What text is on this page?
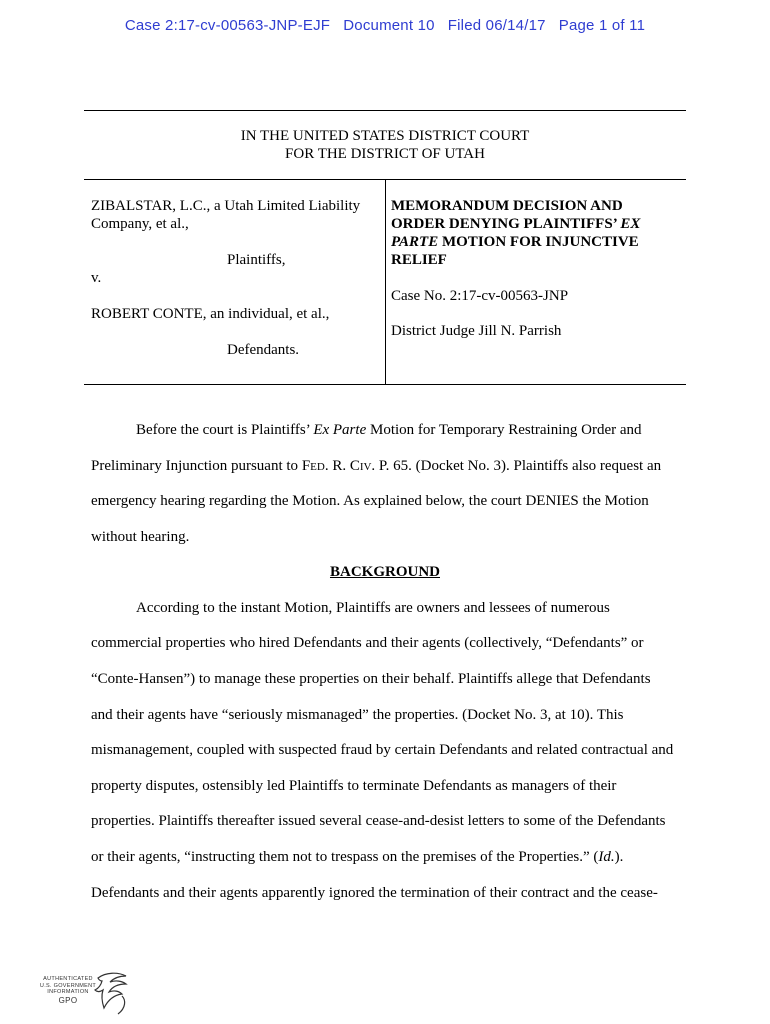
Case 2:17-cv-00563-JNP-EJF Document 10 Filed 06/14/17 Page 1 of 11
IN THE UNITED STATES DISTRICT COURT
FOR THE DISTRICT OF UTAH
ZIBALSTAR, L.C., a Utah Limited Liability
Company, et al.,
Plaintiffs,
v.
ROBERT CONTE, an individual, et al.,
Defendants.
MEMORANDUM DECISION AND
ORDER DENYING PLAINTIFFS’ EX
PARTE MOTION FOR INJUNCTIVE
RELIEF
Case No. 2:17-cv-00563-JNP
District Judge Jill N. Parrish
Before the court is Plaintiffs’ Ex Parte Motion for Temporary Restraining Order and
Preliminary Injunction pursuant to Fed. R. Civ. P. 65. (Docket No. 3). Plaintiffs also request an
emergency hearing regarding the Motion. As explained below, the court DENIES the Motion
without hearing.
BACKGROUND
According to the instant Motion, Plaintiffs are owners and lessees of numerous
commercial properties who hired Defendants and their agents (collectively, “Defendants” or
“Conte-Hansen”) to manage these properties on their behalf. Plaintiffs allege that Defendants
and their agents have “seriously mismanaged” the properties. (Docket No. 3, at 10). This
mismanagement, coupled with suspected fraud by certain Defendants and related contractual and
property disputes, ostensibly led Plaintiffs to terminate Defendants as managers of their
properties. Plaintiffs thereafter issued several cease-and-desist letters to some of the Defendants
or their agents, “instructing them not to trespass on the premises of the Properties.” (Id.).
Defendants and their agents apparently ignored the termination of their contract and the cease-
AUTHENTICATED
U.S. GOVERNMENT
INFORMATION
GPO
